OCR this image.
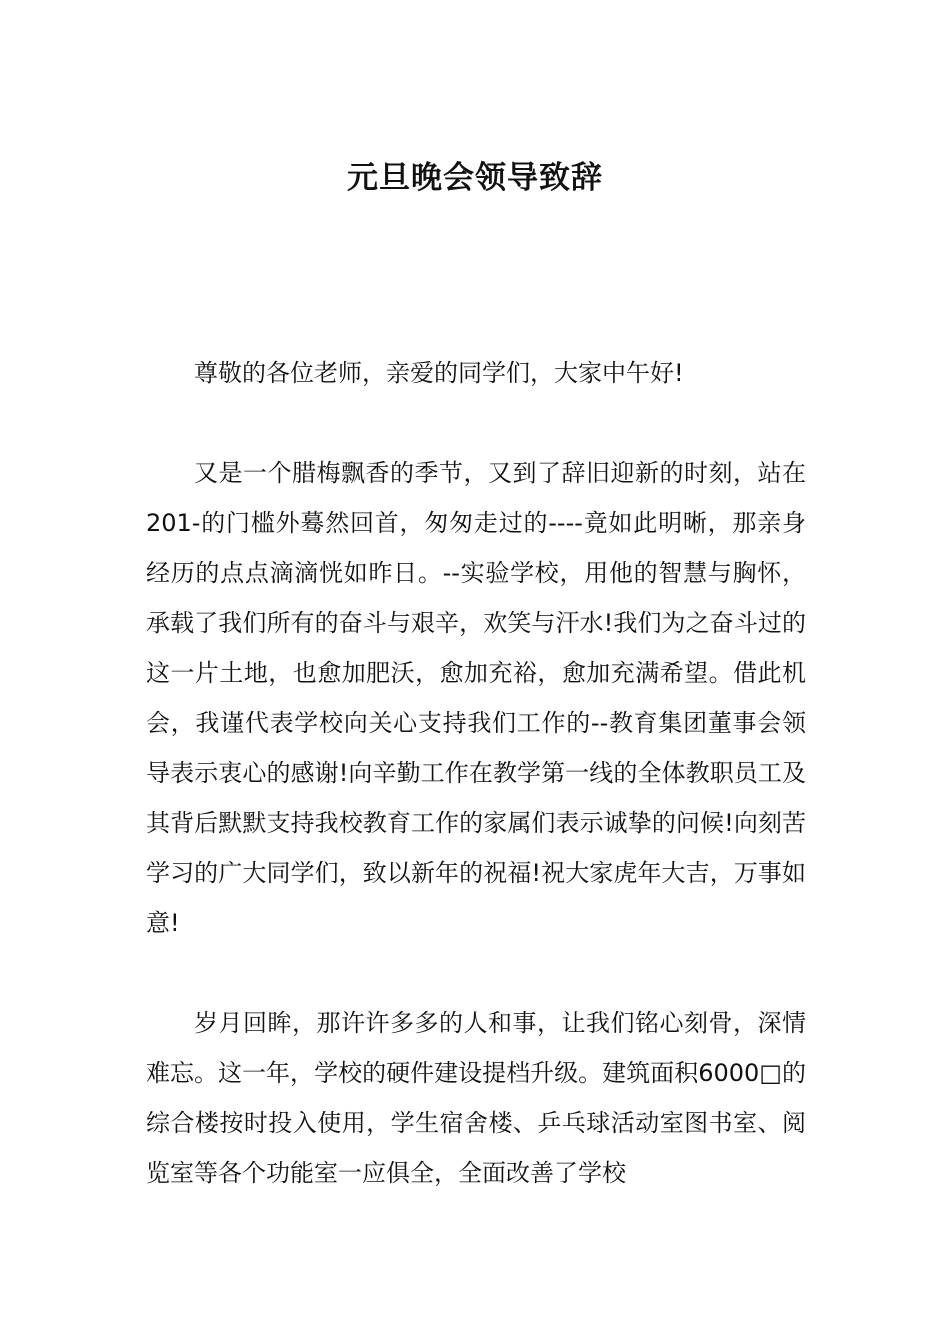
元旦晚会领导致辞

尊敬的各位老师，亲爱的同学们，大家中午好!

又是一个腊梅飘香的季节，又到了辞旧迎新的时刻，站在 201-的门槛外蓦然回首，匆匆走过的----竟如此明晰，那亲身经历的点点滴滴恍如昨日。--实验学校，用他的智慧与胸怀，承载了我们所有的奋斗与艰辛，欢笑与汗水!我们为之奋斗过的这一片土地，也愈加肥沃，愈加充裕，愈加充满希望。借此机会，我谨代表学校向关心支持我们工作的--教育集团董事会领导表示衷心的感谢!向辛勤工作在教学第一线的全体教职员工及其背后默默支持我校教育工作的家属们表示诚挚的问候!向刻苦学习的广大同学们，致以新年的祝福!祝大家虎年大吉，万事如意!

岁月回眸，那许许多多的人和事，让我们铭心刻骨，深情难忘。这一年，学校的硬件建设提档升级。建筑面积6000□的综合楼按时投入使用，学生宿舍楼、乒乓球活动室图书室、阅览室等各个功能室一应俱全，全面改善了学校
